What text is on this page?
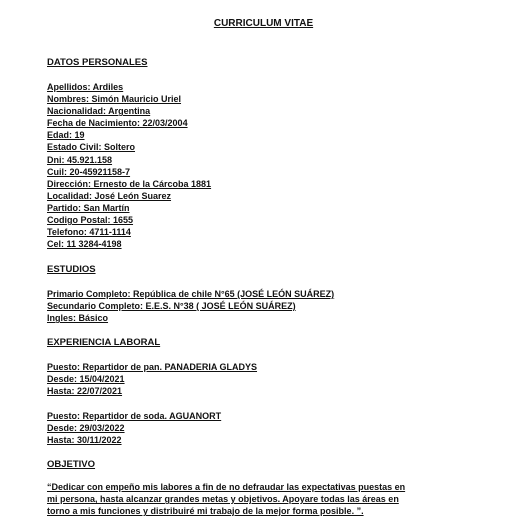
CURRICULUM VITAE
DATOS PERSONALES
Apellidos: Ardiles
Nombres: Simón Mauricio Uriel
Nacionalidad: Argentina
Fecha de Nacimiento: 22/03/2004
Edad: 19
Estado Civil: Soltero
Dni: 45.921.158
Cuil: 20-45921158-7
Dirección: Ernesto de la Cárcoba 1881
Localidad: José León Suarez
Partido: San Martín
Codigo Postal: 1655
Telefono: 4711-1114
Cel: 11 3284-4198
ESTUDIOS
Primario Completo: República de chile N°65 (JOSÉ LEÓN SUÁREZ)
Secundario Completo: E.E.S. N°38 ( JOSÉ LEÓN SUÁREZ)
Ingles: Básico
EXPERIENCIA LABORAL
Puesto: Repartidor de pan. PANADERIA GLADYS
Desde: 15/04/2021
Hasta: 22/07/2021
Puesto: Repartidor de soda. AGUANORT
Desde: 29/03/2022
Hasta: 30/11/2022
OBJETIVO
“Dedicar con empeño mis labores a fin de no defraudar las expectativas puestas en
mi persona, hasta alcanzar grandes metas y objetivos. Apoyare todas las áreas en
torno a mis funciones y distribuiré mi trabajo de la mejor forma posible. ”.
